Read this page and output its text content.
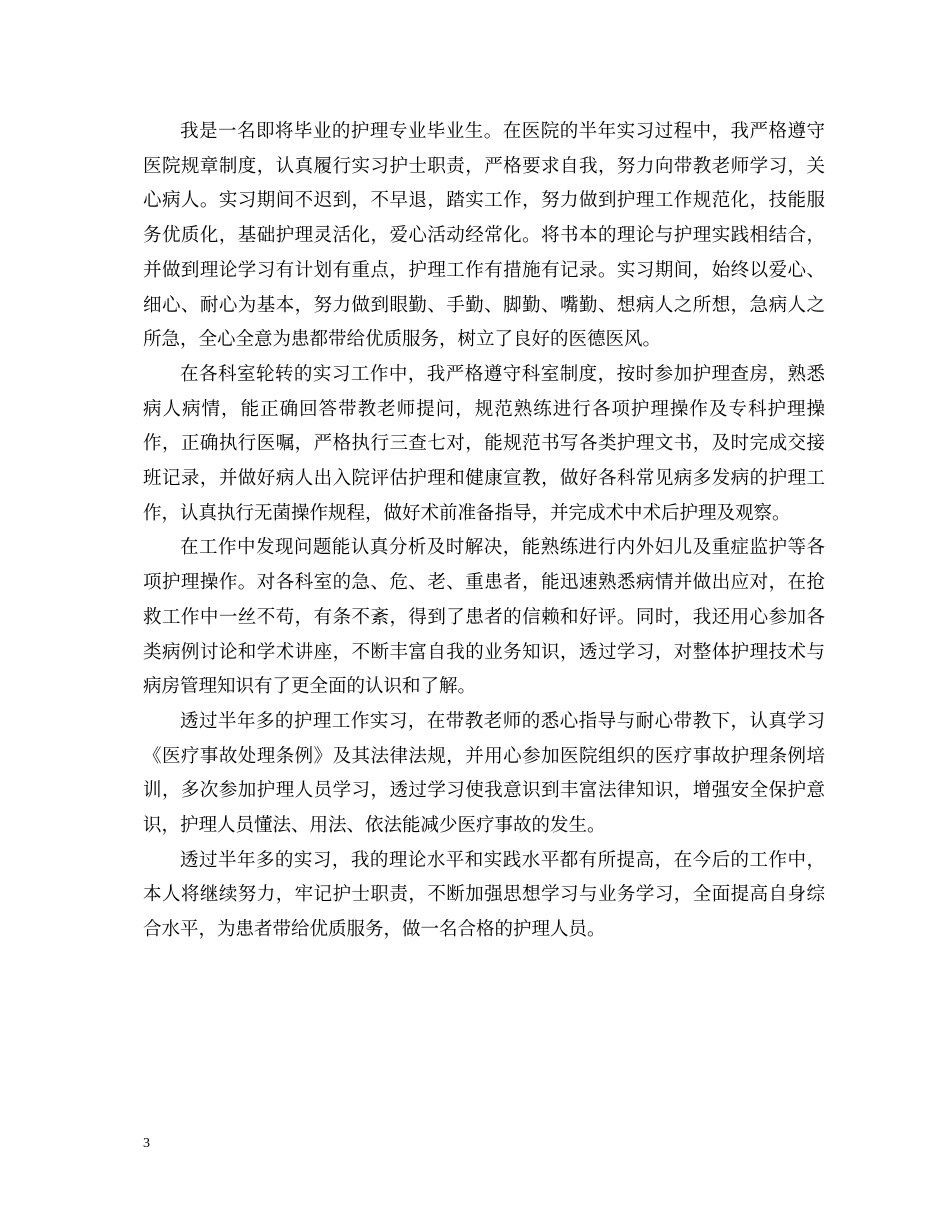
我是一名即将毕业的护理专业毕业生。在医院的半年实习过程中，我严格遵守医院规章制度，认真履行实习护士职责，严格要求自我，努力向带教老师学习，关心病人。实习期间不迟到，不早退，踏实工作，努力做到护理工作规范化，技能服务优质化，基础护理灵活化，爱心活动经常化。将书本的理论与护理实践相结合，并做到理论学习有计划有重点，护理工作有措施有记录。实习期间，始终以爱心、细心、耐心为基本，努力做到眼勤、手勤、脚勤、嘴勤、想病人之所想，急病人之所急，全心全意为患都带给优质服务，树立了良好的医德医风。

在各科室轮转的实习工作中，我严格遵守科室制度，按时参加护理查房，熟悉病人病情，能正确回答带教老师提问，规范熟练进行各项护理操作及专科护理操作，正确执行医嘱，严格执行三查七对，能规范书写各类护理文书，及时完成交接班记录，并做好病人出入院评估护理和健康宣教，做好各科常见病多发病的护理工作，认真执行无菌操作规程，做好术前准备指导，并完成术中术后护理及观察。

在工作中发现问题能认真分析及时解决，能熟练进行内外妇儿及重症监护等各项护理操作。对各科室的急、危、老、重患者，能迅速熟悉病情并做出应对，在抢救工作中一丝不苟，有条不紊，得到了患者的信赖和好评。同时，我还用心参加各类病例讨论和学术讲座，不断丰富自我的业务知识，透过学习，对整体护理技术与病房管理知识有了更全面的认识和了解。

透过半年多的护理工作实习，在带教老师的悉心指导与耐心带教下，认真学习《医疗事故处理条例》及其法律法规，并用心参加医院组织的医疗事故护理条例培训，多次参加护理人员学习，透过学习使我意识到丰富法律知识，增强安全保护意识，护理人员懂法、用法、依法能减少医疗事故的发生。

透过半年多的实习，我的理论水平和实践水平都有所提高，在今后的工作中，本人将继续努力，牢记护士职责，不断加强思想学习与业务学习，全面提高自身综合水平，为患者带给优质服务，做一名合格的护理人员。

3
